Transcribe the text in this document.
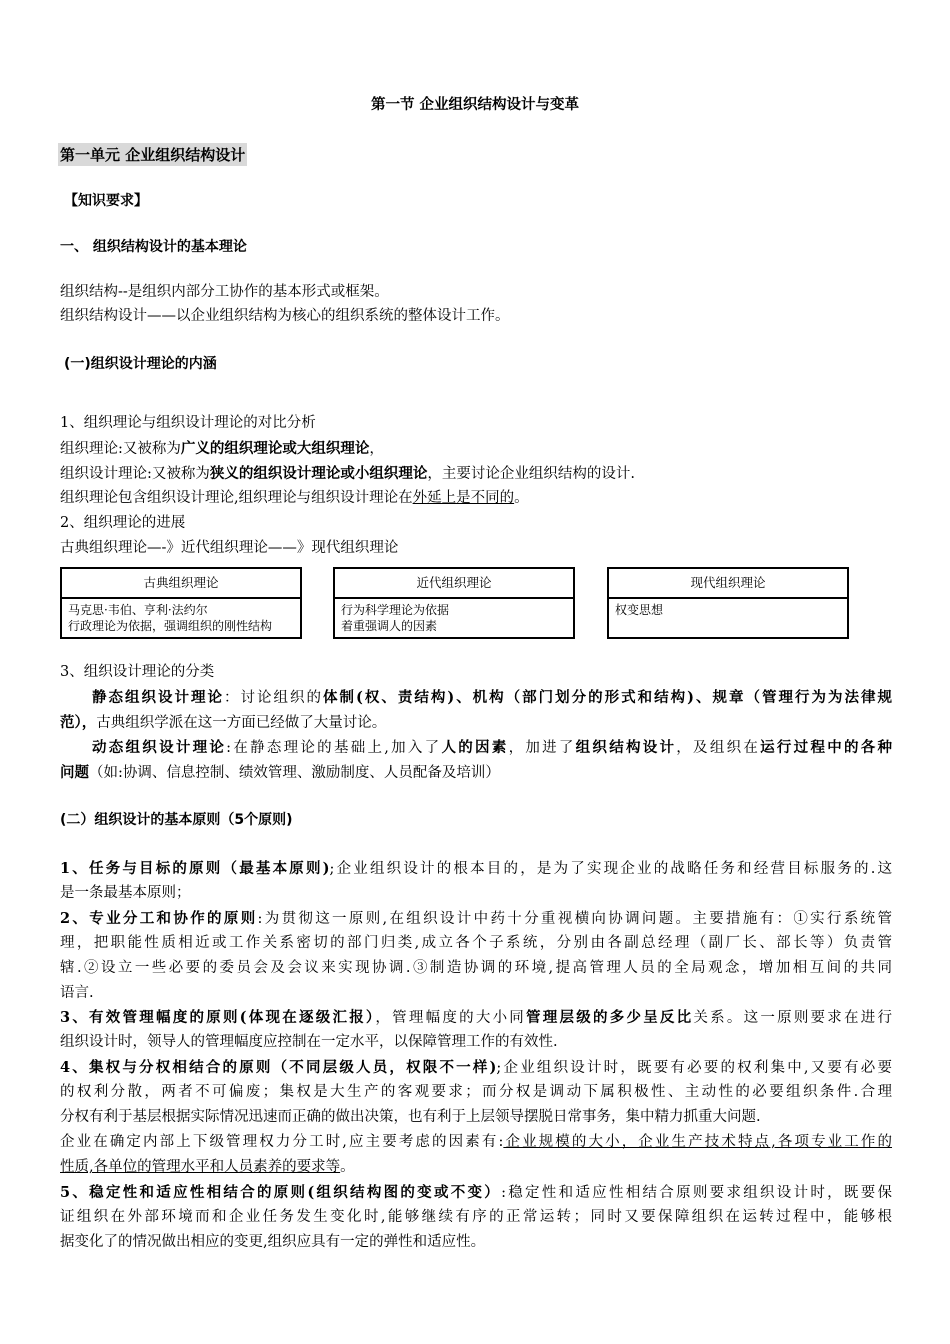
第一节 企业组织结构设计与变革
第一单元 企业组织结构设计
【知识要求】
一、 组织结构设计的基本理论
组织结构--是组织内部分工协作的基本形式或框架。
组织结构设计——以企业组织结构为核心的组织系统的整体设计工作。
(一)组织设计理论的内涵
1、组织理论与组织设计理论的对比分析
组织理论:又被称为广义的组织理论或大组织理论，
组织设计理论:又被称为狭义的组织设计理论或小组织理论，主要讨论企业组织结构的设计.
组织理论包含组织设计理论,组织理论与组织设计理论在外延上是不同的。
2、组织理论的进展
古典组织理论—-》近代组织理论——》现代组织理论
古典组织理论
马克思·韦伯、亨利·法约尔
行政理论为依据，强调组织的刚性结构
近代组织理论
行为科学理论为依据
着重强调人的因素
现代组织理论
权变思想
3、组织设计理论的分类
静态组织设计理论：讨论组织的体制(权、责结构)、机构（部门划分的形式和结构)、规章（管理行为为法律规
范），古典组织学派在这一方面已经做了大量讨论。
动态组织设计理论:在静态理论的基础上,加入了人的因素，加进了组织结构设计，及组织在运行过程中的各种
问题（如:协调、信息控制、绩效管理、激励制度、人员配备及培训）
(二）组织设计的基本原则（5个原则)
1、任务与目标的原则（最基本原则);企业组织设计的根本目的，是为了实现企业的战略任务和经营目标服务的.这
是一条最基本原则；
2、专业分工和协作的原则:为贯彻这一原则,在组织设计中药十分重视横向协调问题。主要措施有：①实行系统管
理，把职能性质相近或工作关系密切的部门归类,成立各个子系统，分别由各副总经理（副厂长、部长等）负责管
辖.②设立一些必要的委员会及会议来实现协调.③制造协调的环境,提高管理人员的全局观念，增加相互间的共同
语言.
3、有效管理幅度的原则(体现在逐级汇报），管理幅度的大小同管理层级的多少呈反比关系。这一原则要求在进行
组织设计时，领导人的管理幅度应控制在一定水平，以保障管理工作的有效性.
4、集权与分权相结合的原则（不同层级人员，权限不一样);企业组织设计时，既要有必要的权利集中,又要有必要
的权利分散，两者不可偏废；集权是大生产的客观要求；而分权是调动下属积极性、主动性的必要组织条件.合理
分权有利于基层根据实际情况迅速而正确的做出决策，也有利于上层领导摆脱日常事务，集中精力抓重大问题.
企业在确定内部上下级管理权力分工时,应主要考虑的因素有:企业规模的大小，企业生产技术特点,各项专业工作的
性质,各单位的管理水平和人员素养的要求等。
5、稳定性和适应性相结合的原则(组织结构图的变或不变）:稳定性和适应性相结合原则要求组织设计时，既要保
证组织在外部环境而和企业任务发生变化时,能够继续有序的正常运转；同时又要保障组织在运转过程中，能够根
据变化了的情况做出相应的变更,组织应具有一定的弹性和适应性。
